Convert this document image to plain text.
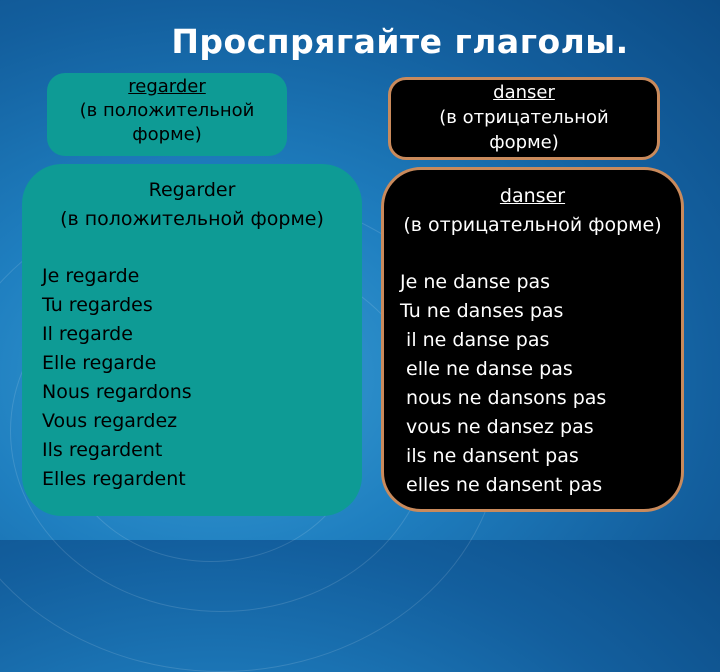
Проспрягайте глаголы.
regarder
(в положительной
форме)
danser
(в отрицательной
форме)
Regarder
(в положительной форме)
Je regarde
Tu regardes
Il regarde
Elle regarde
Nous regardons
Vous regardez
Ils regardent
Elles regardent
danser
(в отрицательной форме)
Je ne danse pas
Tu ne danses pas
il ne danse pas
elle ne danse pas
nous ne dansons pas
vous ne dansez pas
ils ne dansent pas
elles ne dansent pas
